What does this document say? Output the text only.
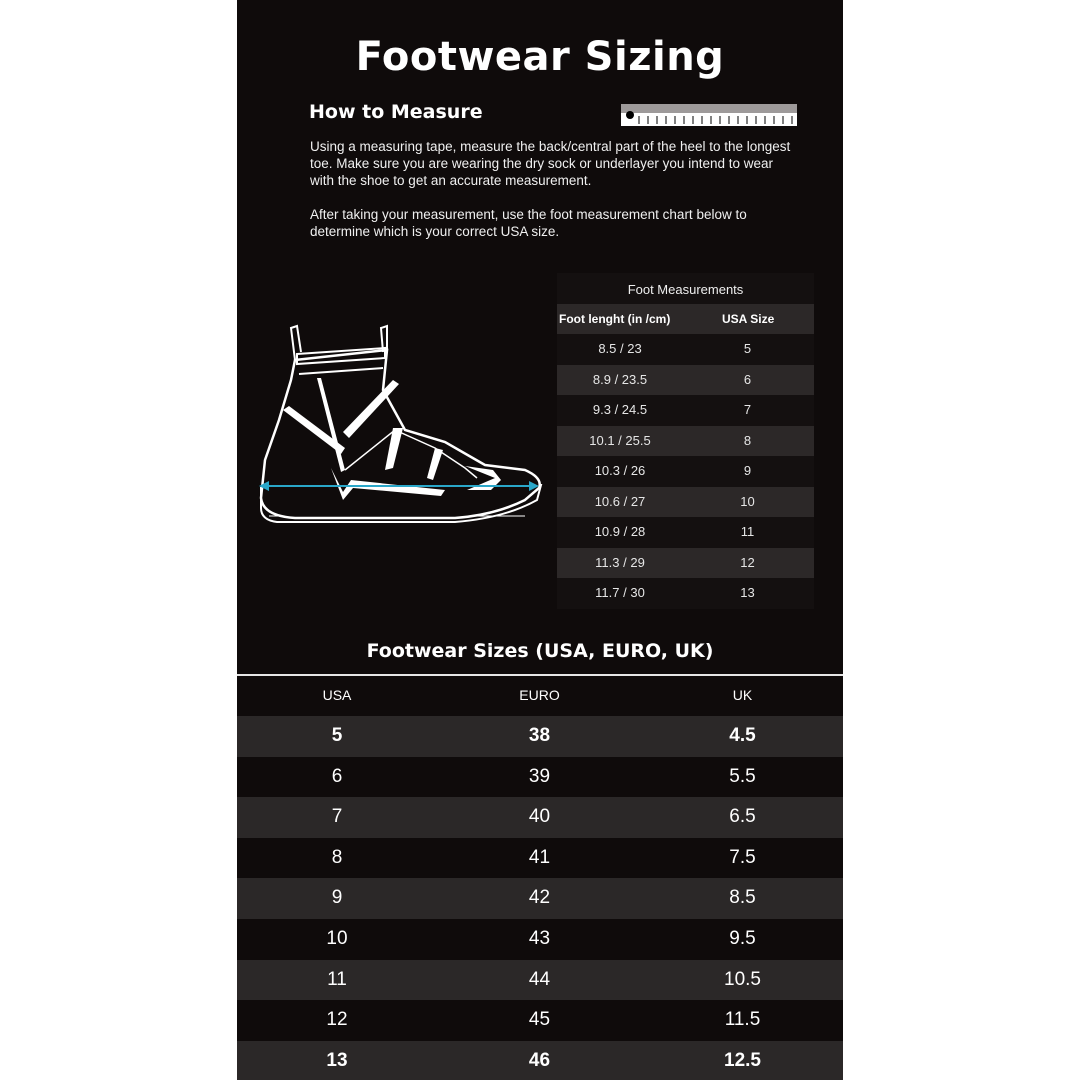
Footwear Sizing
How to Measure
Using a measuring tape, measure the back/central part of the heel to the longest toe. Make sure you are wearing the dry sock or underlayer you intend to wear with the shoe to get an accurate measurement.
After taking your measurement, use the foot measurement chart below to determine which is your correct USA size.
Foot Measurements
Foot lenght (in /cm)	USA Size
8.5 / 23	5
8.9 / 23.5	6
9.3 / 24.5	7
10.1 / 25.5	8
10.3 / 26	9
10.6 / 27	10
10.9 / 28	11
11.3 / 29	12
11.7 / 30	13
Footwear Sizes (USA, EURO, UK)
USA	EURO	UK
5	38	4.5
6	39	5.5
7	40	6.5
8	41	7.5
9	42	8.5
10	43	9.5
11	44	10.5
12	45	11.5
13	46	12.5
